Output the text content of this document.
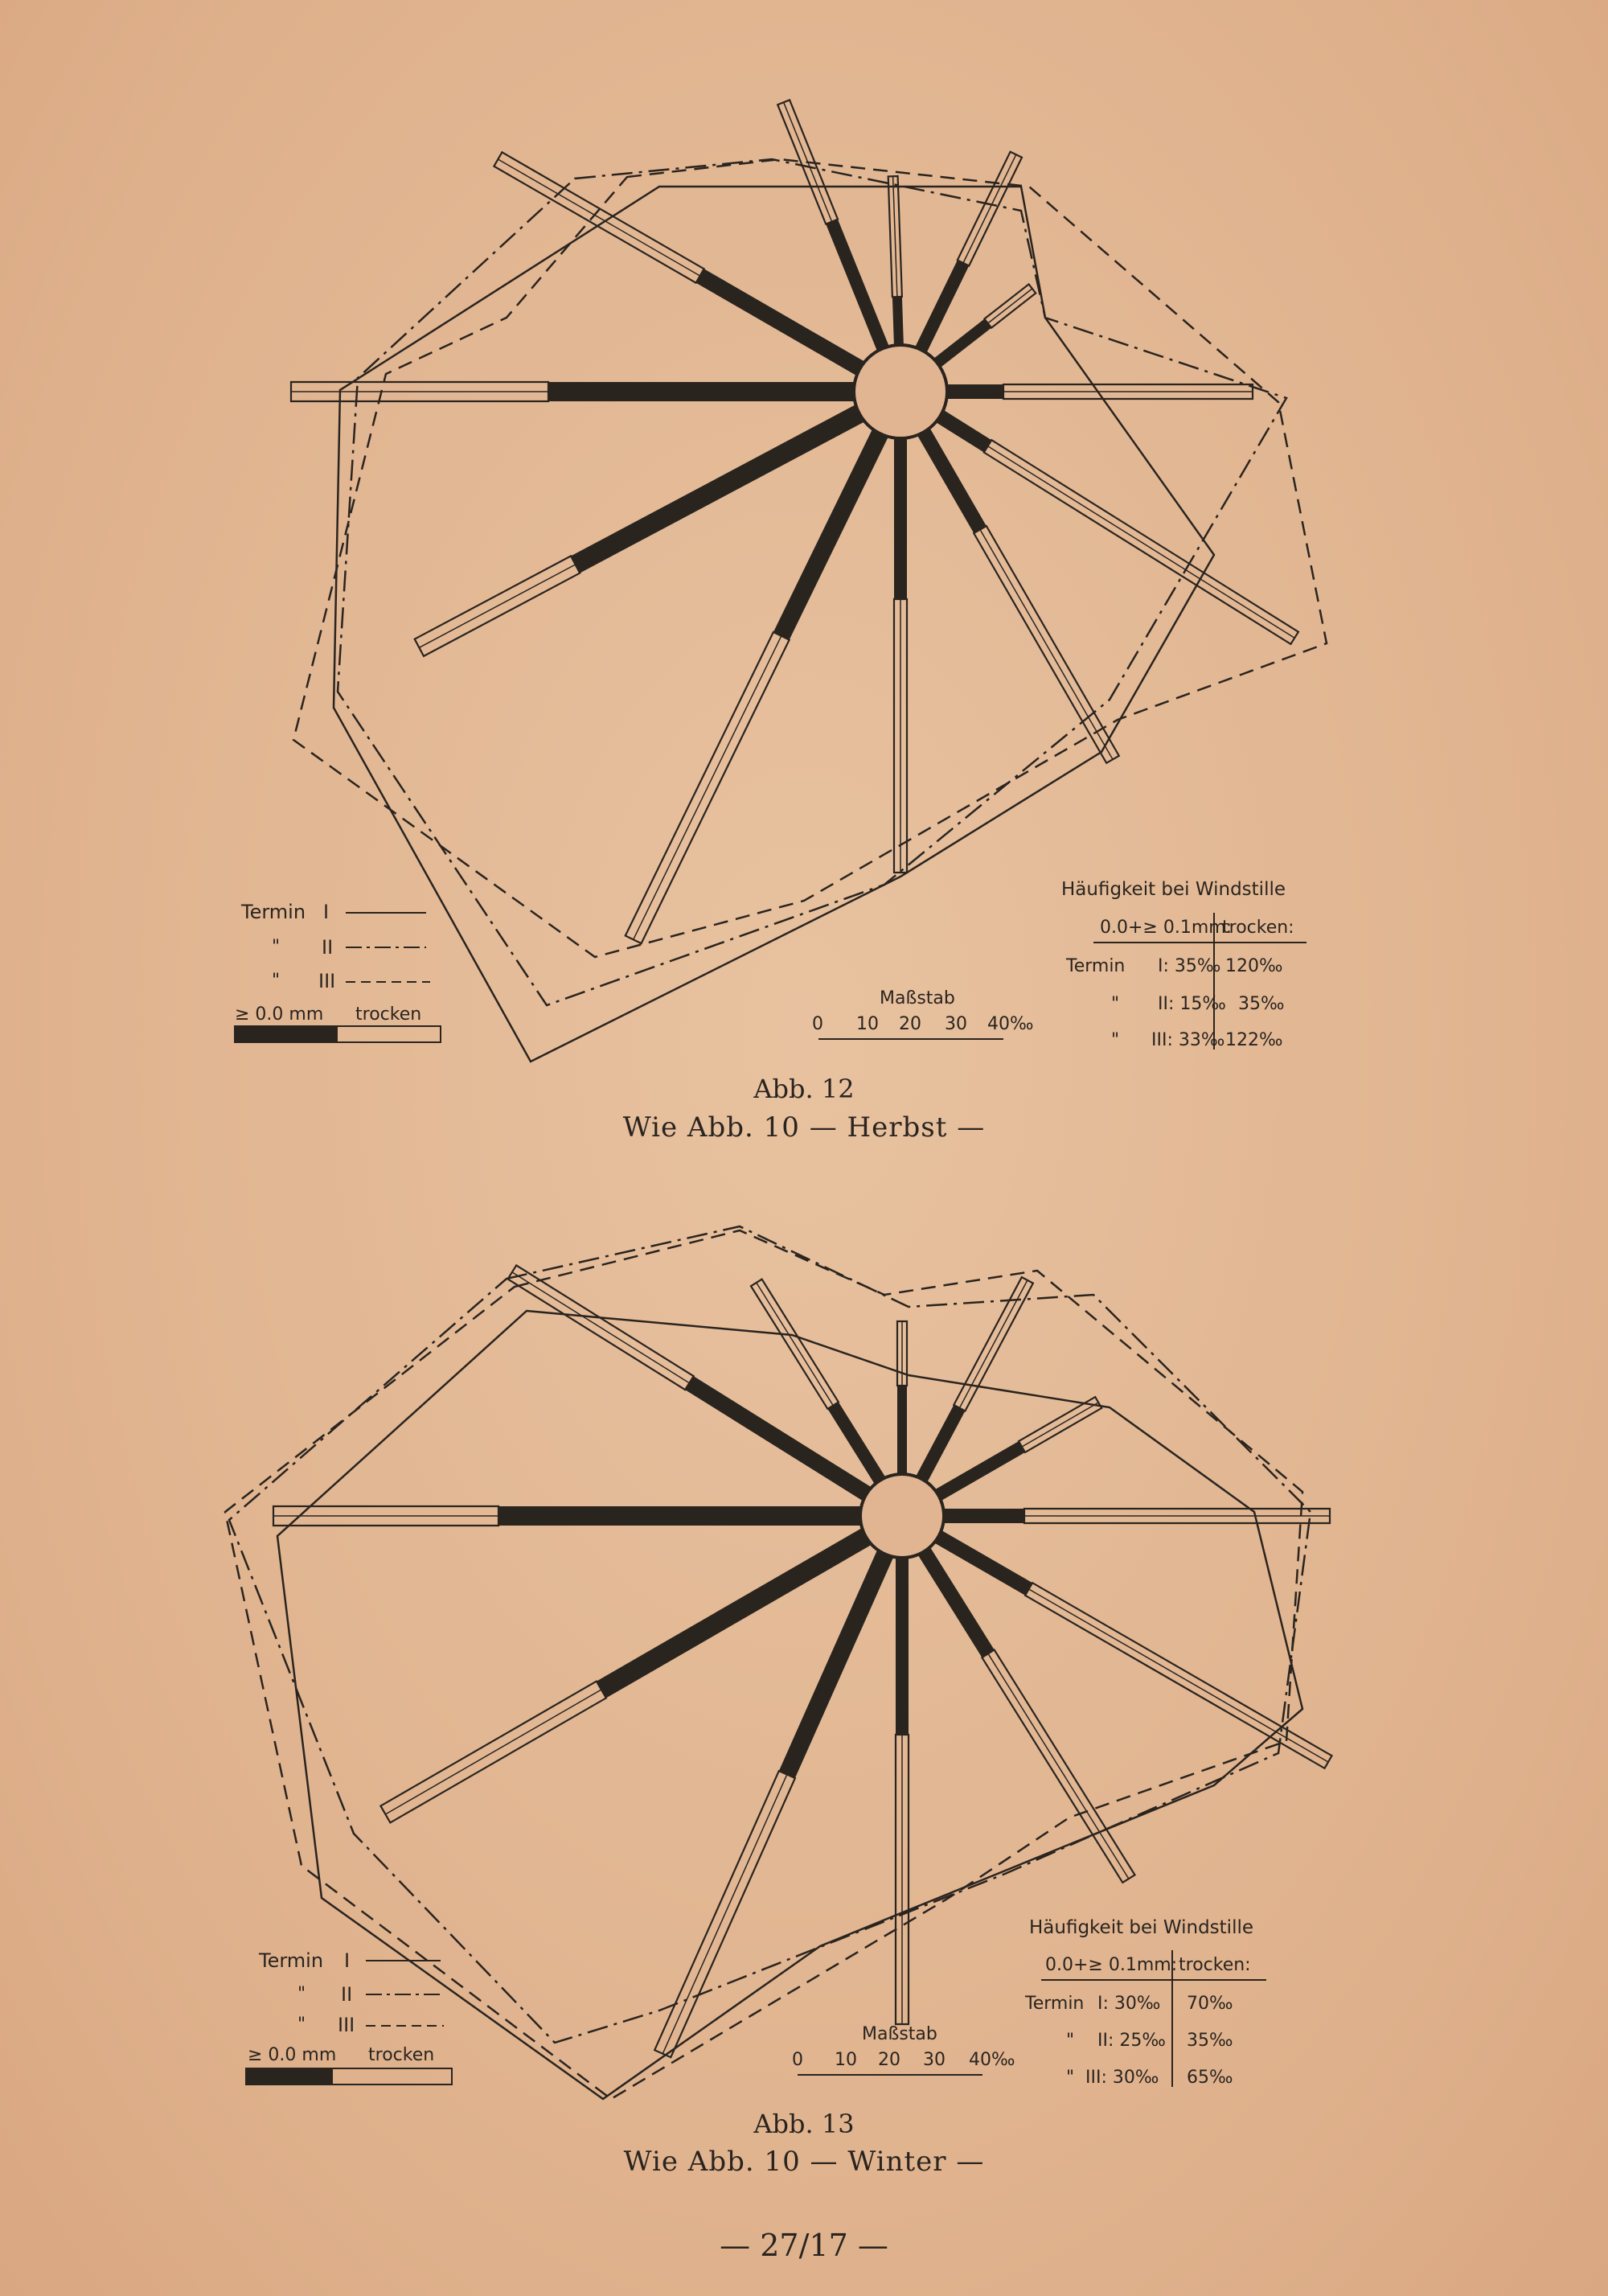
Termin I
" II
" III
≥ 0.0 mm trocken
Maßstab
0 10 20 30 40‰
Häufigkeit bei Windstille
0.0+≥ 0.1mm:
trocken:
Termin I: 35‰ 120‰
" II: 15‰ 35‰
" III: 33‰ 122‰
Abb. 12
Wie Abb. 10 — Herbst —
Termin I
" II
" III
≥ 0.0 mm trocken
Maßstab
0 10 20 30 40‰
Häufigkeit bei Windstille
0.0+≥ 0.1mm: trocken:
Termin I: 30‰ 70‰
" II: 25‰ 35‰
" III: 30‰ 65‰
Abb. 13
Wie Abb. 10 — Winter —
— 27/17 —
